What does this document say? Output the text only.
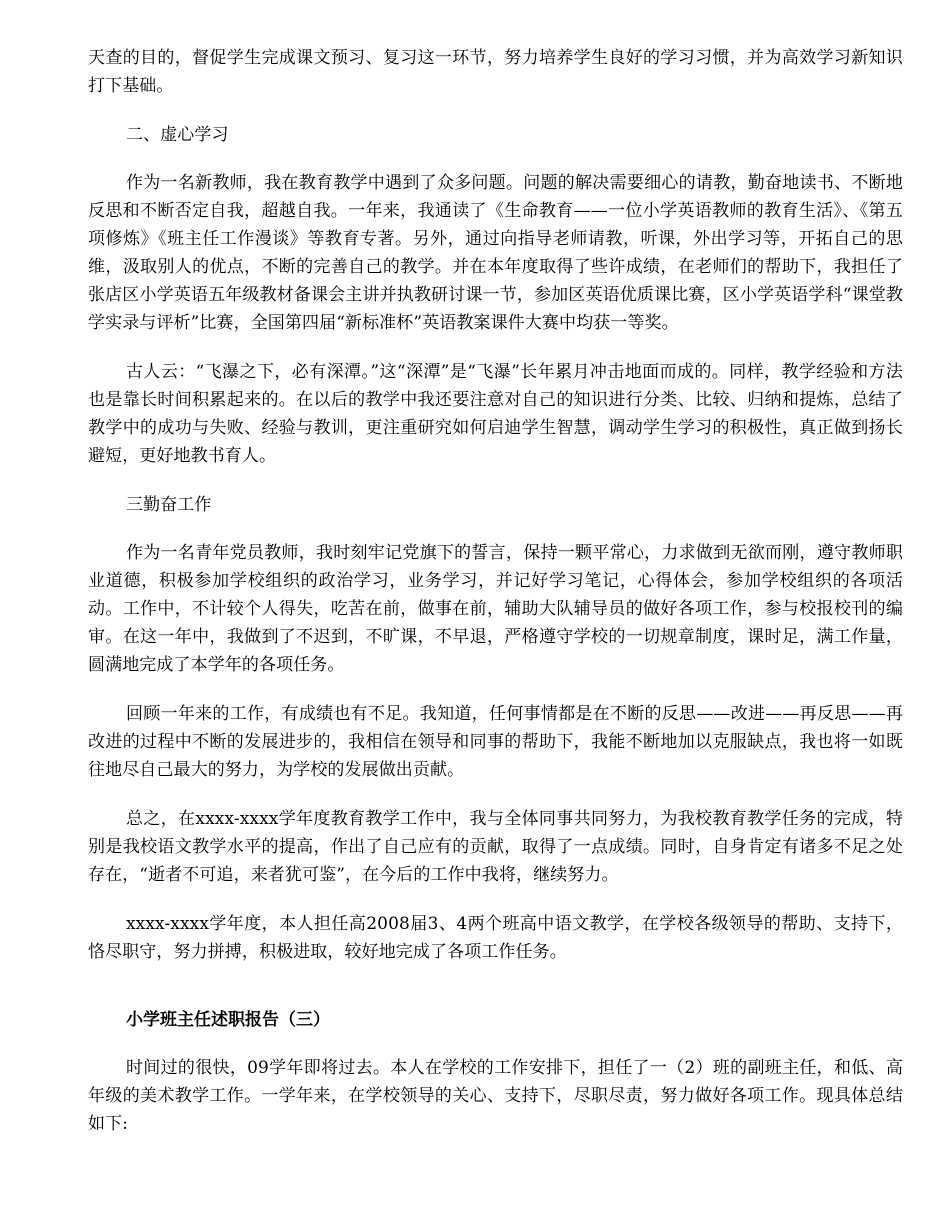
天查的目的，督促学生完成课文预习、复习这一环节，努力培养学生良好的学习习惯，并为高效学习新知识打下基础。

二、虚心学习

作为一名新教师，我在教育教学中遇到了众多问题。问题的解决需要细心的请教，勤奋地读书、不断地反思和不断否定自我，超越自我。一年来，我通读了《生命教育——一位小学英语教师的教育生活》、《第五项修炼》《班主任工作漫谈》等教育专著。另外，通过向指导老师请教，听课，外出学习等，开拓自己的思维，汲取别人的优点，不断的完善自己的教学。并在本年度取得了些许成绩，在老师们的帮助下，我担任了张店区小学英语五年级教材备课会主讲并执教研讨课一节，参加区英语优质课比赛，区小学英语学科“课堂教学实录与评析”比赛，全国第四届“新标准杯”英语教案课件大赛中均获一等奖。

古人云：“飞瀑之下，必有深潭。”这“深潭”是“飞瀑”长年累月冲击地面而成的。同样，教学经验和方法也是靠长时间积累起来的。在以后的教学中我还要注意对自己的知识进行分类、比较、归纳和提炼，总结了教学中的成功与失败、经验与教训，更注重研究如何启迪学生智慧，调动学生学习的积极性，真正做到扬长避短，更好地教书育人。

三勤奋工作

作为一名青年党员教师，我时刻牢记党旗下的誓言，保持一颗平常心，力求做到无欲而刚，遵守教师职业道德，积极参加学校组织的政治学习，业务学习，并记好学习笔记，心得体会，参加学校组织的各项活动。工作中，不计较个人得失，吃苦在前，做事在前，辅助大队辅导员的做好各项工作，参与校报校刊的编审。在这一年中，我做到了不迟到，不旷课，不早退，严格遵守学校的一切规章制度，课时足，满工作量，圆满地完成了本学年的各项任务。

回顾一年来的工作，有成绩也有不足。我知道，任何事情都是在不断的反思——改进——再反思——再改进的过程中不断的发展进步的，我相信在领导和同事的帮助下，我能不断地加以克服缺点，我也将一如既往地尽自己最大的努力，为学校的发展做出贡献。

总之，在xxxx-xxxx学年度教育教学工作中，我与全体同事共同努力，为我校教育教学任务的完成，特别是我校语文教学水平的提高，作出了自己应有的贡献，取得了一点成绩。同时，自身肯定有诸多不足之处存在，“逝者不可追，来者犹可鉴”，在今后的工作中我将，继续努力。

xxxx-xxxx学年度，本人担任高2008届3、4两个班高中语文教学，在学校各级领导的帮助、支持下，恪尽职守，努力拼搏，积极进取，较好地完成了各项工作任务。

小学班主任述职报告（三）

时间过的很快，09学年即将过去。本人在学校的工作安排下，担任了一（2）班的副班主任，和低、高年级的美术教学工作。一学年来，在学校领导的关心、支持下，尽职尽责，努力做好各项工作。现具体总结如下:
